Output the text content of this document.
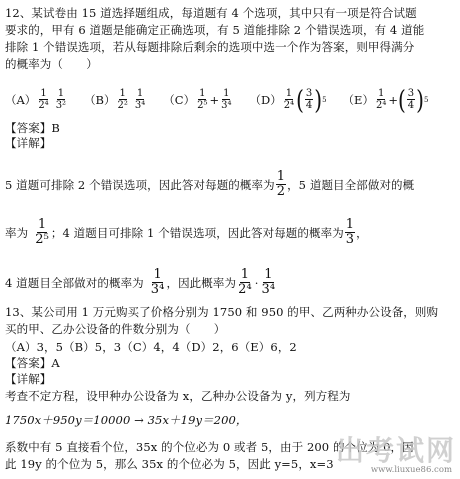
12、某试卷由 15 道选择题组成，每道题有 4 个选项，其中只有一项是符合试题
要求的，甲有 6 道题是能确定正确选项，有 5 道能排除 2 个错误选项，有 4 道能
排除 1 个错误选项，若从每题排除后剩余的选项中选一个作为答案，则甲得满分
的概率为（　　）
$(A) \frac{1}{\text{2⁴}} \frac{1}{\text{3²}} (B) \frac{1}{\text{2²}} \frac{1}{\text{3⁴}} (C) \frac{1}{\text{2⁵}} + \frac{1}{\text{3⁴}} (D) \frac{1}{\text{2⁴}}$ ( $\frac{3}{4}$ ) 5 $(E) \frac{1}{\text{2⁴}}$ + ( $\frac{3}{4}$ ) 5
【答案】B
【详解】
5 道题可排除 2 个错误选项，因此答对每题的概率为 $\frac{1}{2}$ ，5 道题目全部做对的概
率为 $\frac{1}{\text{2⁵}}$ ；4 道题目可排除 1 个错误选项，因此答对每题的概率为 $\frac{1}{3}$ ，
4 道题目全部做对的概率为 $\frac{1}{\text{3⁴}}$ ，因此概率为 $\frac{1}{\text{2⁴}} \cdot \frac{1}{\text{3⁴}}$
13、某公司用 1 万元购买了价格分别为 1750 和 950 的甲、乙两种办公设备，则购
买的甲、乙办公设备的件数分别为（　　）
（A）3，5（B）5，3（C）4，4（D）2，6（E）6，2
【答案】A
【详解】
考查不定方程，设甲种办公设备为 x，乙种办公设备为 y，列方程为
1750x＋950y＝10000 → 35x＋19y＝200，
系数中有 5 直接看个位，35x 的个位必为 0 或者 5，由于 200 的个位为 0，因
此 19y 的个位为 5，那么 35x 的个位必为 5，因此 y=5，x=3 出考试网
www.liuxue86.com
